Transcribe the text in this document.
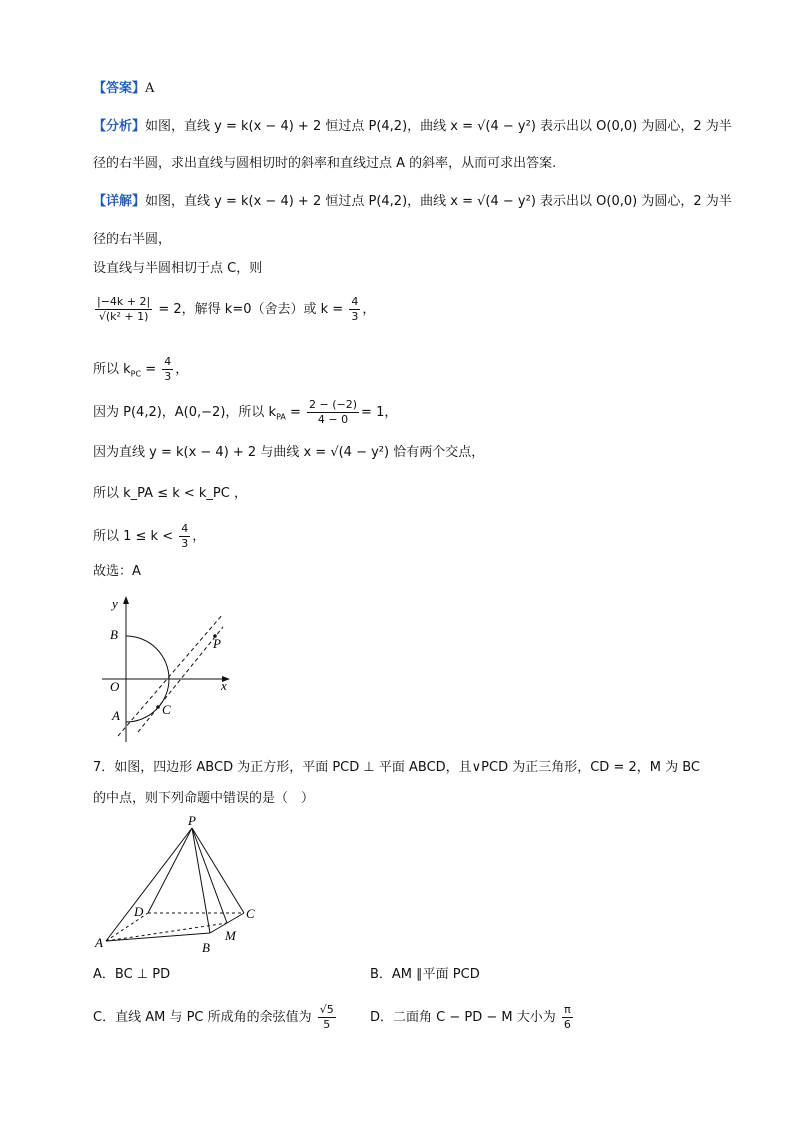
【答案】A
【分析】如图，直线 y = k(x − 4) + 2 恒过点 P(4,2)，曲线 x = √(4 − y²) 表示出以 O(0,0) 为圆心，2 为半
径的右半圆，求出直线与圆相切时的斜率和直线过点 A 的斜率，从而可求出答案.
【详解】如图，直线 y = k(x − 4) + 2 恒过点 P(4,2)，曲线 x = √(4 − y²) 表示出以 O(0,0) 为圆心，2 为半
径的右半圆，
设直线与半圆相切于点 C，则
$\frac{|-4k + 2|}{\text{√(k² + 1)}} = 2$，解得 k=0（舍去）或 $k = \frac{4}{3}$ ，
所以 $k_{PC} = \frac{4}{3}$ ，
因为 P(4,2)，A(0,−2)，所以 $k_{PA} = \frac{2 - (-2)}{4 - 0} = 1$，
因为直线 y = k(x − 4) + 2 与曲线 x = √(4 − y²) 恰有两个交点，
所以 k_PA ≤ k < k_PC ，
所以 $1 \le k < \frac{4}{3}$ ，
故选：A
y
x
O
B
A	C
P
7．如图，四边形 ABCD 为正方形，平面 PCD ⊥ 平面 ABCD，且∨PCD 为正三角形，CD = 2，M 为 BC
的中点，则下列命题中错误的是（　）
P
D	C
A	B
M
A．BC ⊥ PD	B．AM ∥平面 PCD
C．直线 AM 与 PC 所成角的余弦值为 $\frac{√5}{5}$	D．二面角 C − PD − M 大小为 $\frac{\pi}{6}$
